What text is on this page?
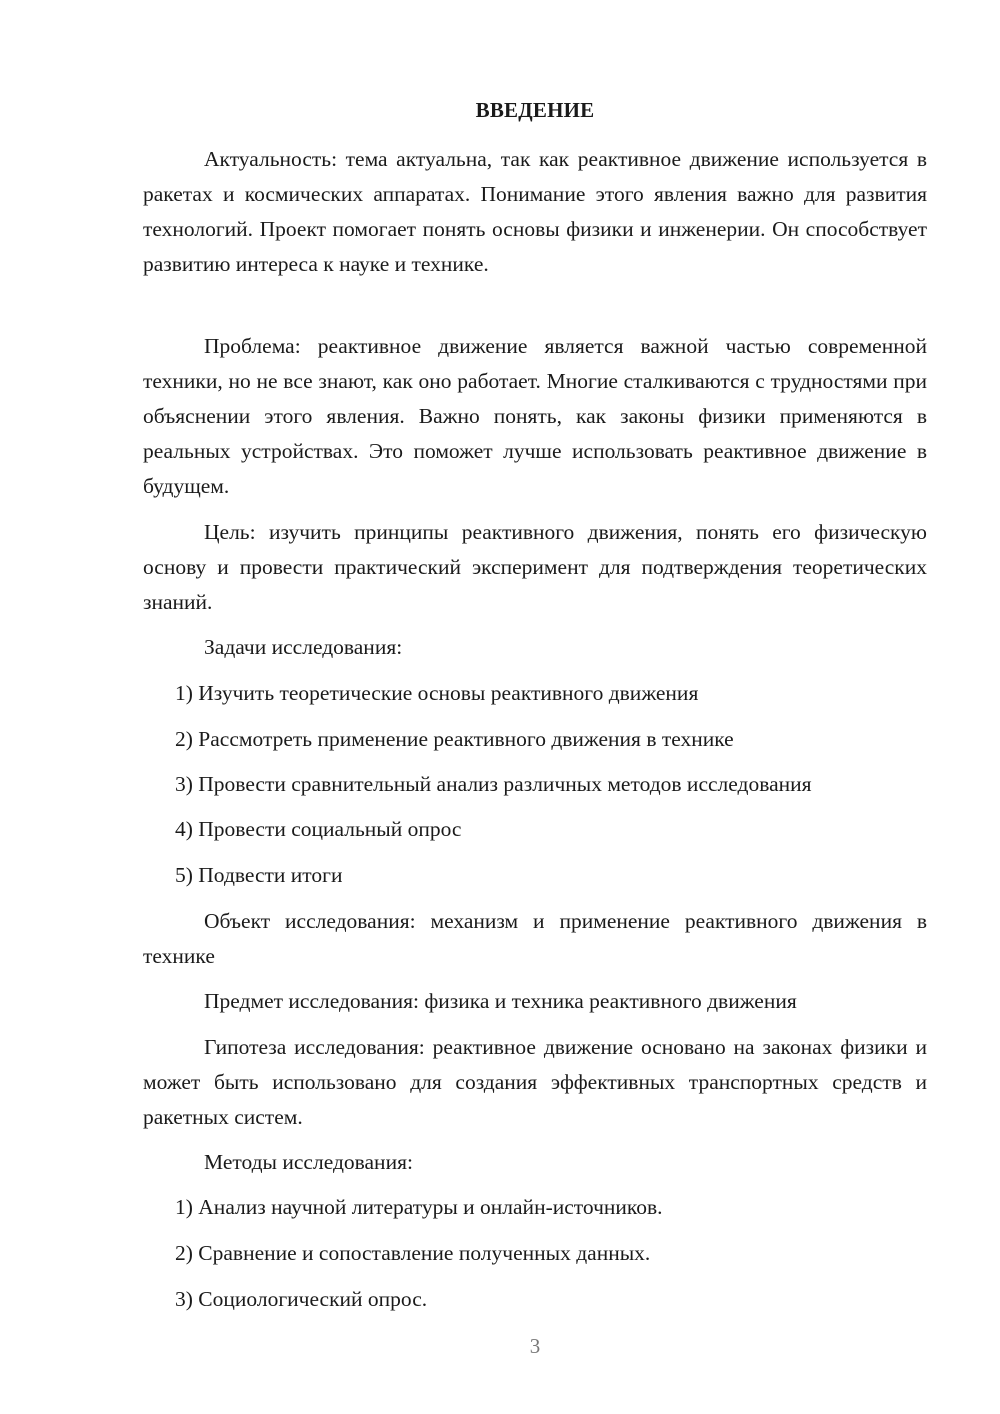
ВВЕДЕНИЕ

Актуальность: тема актуальна, так как реактивное движение используется в ракетах и космических аппаратах. Понимание этого явления важно для развития технологий. Проект помогает понять основы физики и инженерии. Он способствует развитию интереса к науке и технике.

Проблема: реактивное движение является важной частью современной техники, но не все знают, как оно работает. Многие сталкиваются с трудностями при объяснении этого явления. Важно понять, как законы физики применяются в реальных устройствах. Это поможет лучше использовать реактивное движение в будущем.

Цель: изучить принципы реактивного движения, понять его физическую основу и провести практический эксперимент для подтверждения теоретических знаний.

Задачи исследования:

1) Изучить теоретические основы реактивного движения

2) Рассмотреть применение реактивного движения в технике

3) Провести сравнительный анализ различных методов исследования

4) Провести социальный опрос

5) Подвести итоги

Объект исследования: механизм и применение реактивного движения в технике

Предмет исследования: физика и техника реактивного движения

Гипотеза исследования: реактивное движение основано на законах физики и может быть использовано для создания эффективных транспортных средств и ракетных систем.

Методы исследования:

1) Анализ научной литературы и онлайн-источников.

2) Сравнение и сопоставление полученных данных.

3) Социологический опрос.

3
